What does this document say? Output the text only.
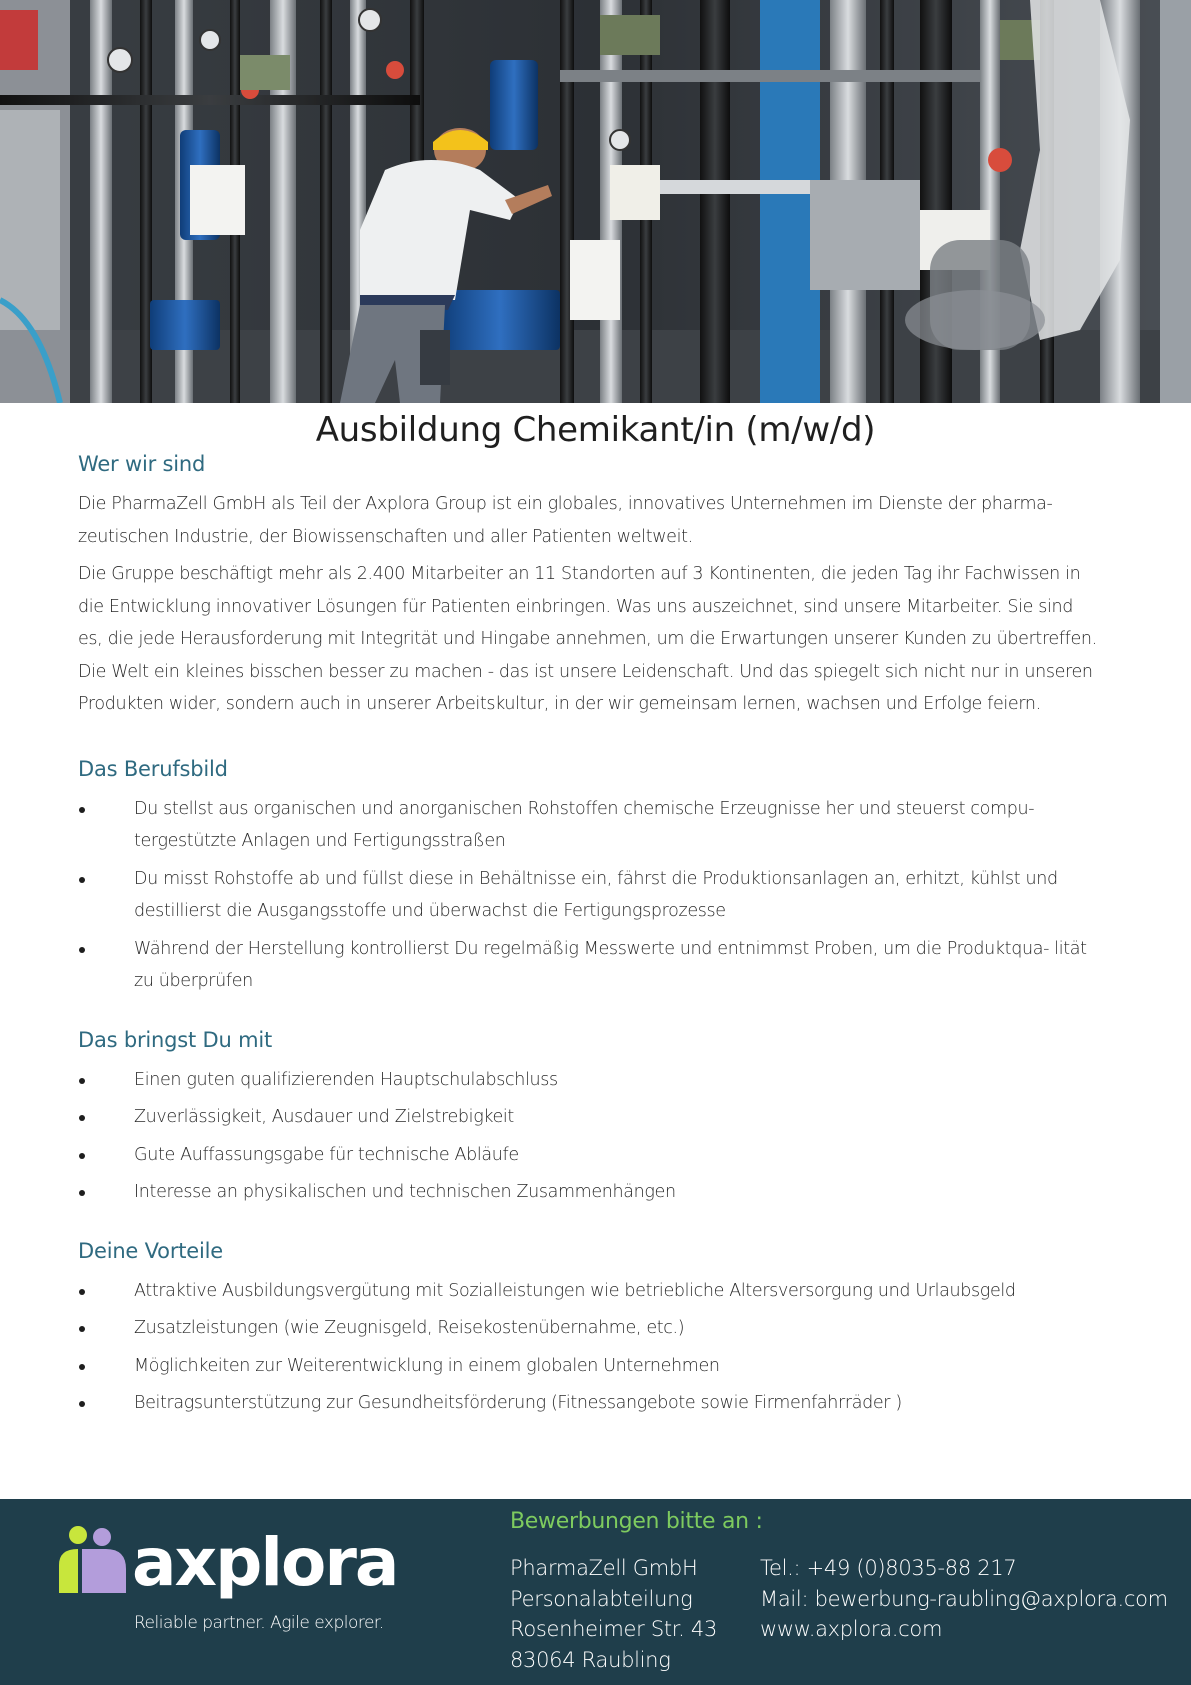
Ausbildung Chemikant/in (m/w/d)
Wer wir sind

Die PharmaZell GmbH als Teil der Axplora Group ist ein globales, innovatives Unternehmen im Dienste der pharma- zeutischen Industrie, der Biowissenschaften und aller Patienten weltweit.

Die Gruppe beschäftigt mehr als 2.400 Mitarbeiter an 11 Standorten auf 3 Kontinenten, die jeden Tag ihr Fachwissen in die Entwicklung innovativer Lösungen für Patienten einbringen. Was uns auszeichnet, sind unsere Mitarbeiter. Sie sind es, die jede Herausforderung mit Integrität und Hingabe annehmen, um die Erwartungen unserer Kunden zu übertreffen. Die Welt ein kleines bisschen besser zu machen - das ist unsere Leidenschaft. Und das spiegelt sich nicht nur in unseren Produkten wider, sondern auch in unserer Arbeitskultur, in der wir gemeinsam lernen, wachsen und Erfolge feiern.

Das Berufsbild
Du stellst aus organischen und anorganischen Rohstoffen chemische Erzeugnisse her und steuerst compu- tergestützte Anlagen und Fertigungsstraßen
Du misst Rohstoffe ab und füllst diese in Behältnisse ein, fährst die Produktionsanlagen an, erhitzt, kühlst und destillierst die Ausgangsstoffe und überwachst die Fertigungsprozesse
Während der Herstellung kontrollierst Du regelmäßig Messwerte und entnimmst Proben, um die Produktqua- lität zu überprüfen
Das bringst Du mit
Einen guten qualifizierenden Hauptschulabschluss
Zuverlässigkeit, Ausdauer und Zielstrebigkeit
Gute Auffassungsgabe für technische Abläufe
Interesse an physikalischen und technischen Zusammenhängen
Deine Vorteile
Attraktive Ausbildungsvergütung mit Sozialleistungen wie betriebliche Altersversorgung und Urlaubsgeld
Zusatzleistungen (wie Zeugnisgeld, Reisekostenübernahme, etc.)
Möglichkeiten zur Weiterentwicklung in einem globalen Unternehmen
Beitragsunterstützung zur Gesundheitsförderung (Fitnessangebote sowie Firmenfahrräder )
axplora
Reliable partner. Agile explorer.
Bewerbungen bitte an :
PharmaZell GmbH
Personalabteilung
Rosenheimer Str. 43
83064 Raubling
Tel.: +49 (0)8035-88 217
Mail: bewerbung-raubling@axplora.com
www.axplora.com
